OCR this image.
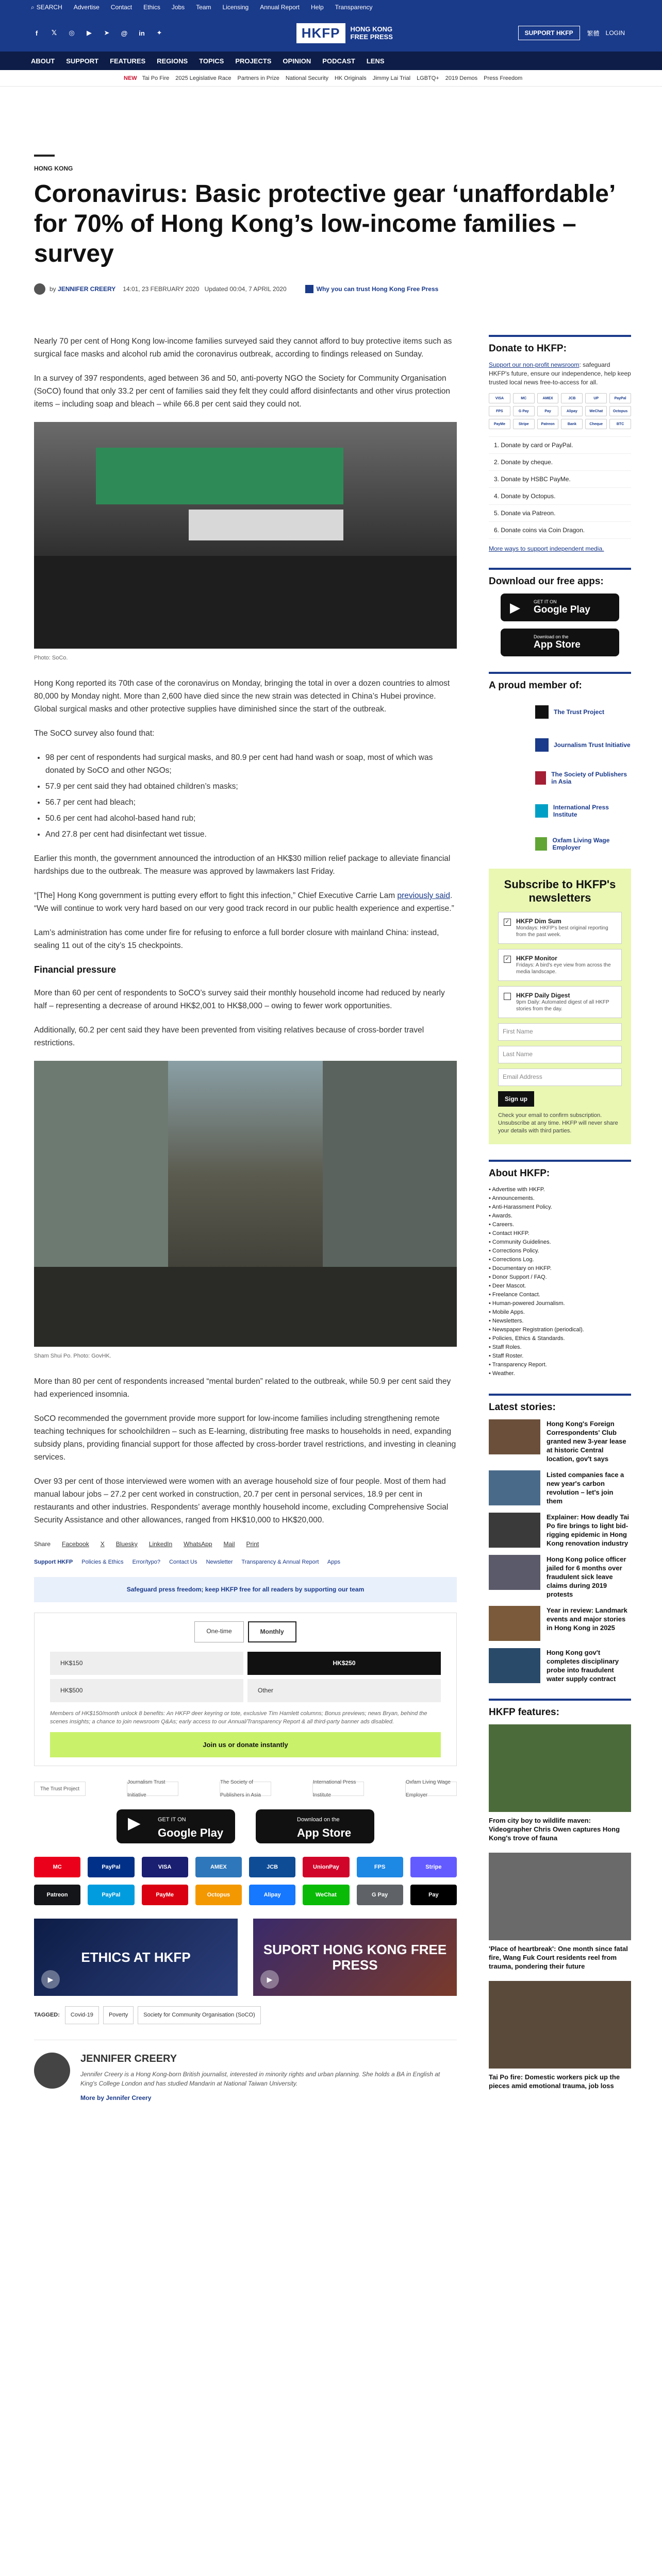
⌕ SEARCH Advertise Contact Ethics Jobs Team Licensing Annual Report Help Transparency
f	𝕏	◎	▶	➤	@	in	✦	HKFP	HONG KONG
FREE PRESS	SUPPORT HKFP	繁體 LOGIN
ABOUT SUPPORT FEATURES REGIONS TOPICS PROJECTS OPINION PODCAST LENS
NEW Tai Po Fire 2025 Legislative Race Partners in Prize National Security HK Originals Jimmy Lai Trial LGBTQ+ 2019 Demos Press Freedom
HONG KONG
Coronavirus: Basic protective gear ‘unaffordable’ for 70% of Hong Kong’s low-income families – survey
by
JENNIFER CREERY 14:01, 23 FEBRUARY 2020 Updated 00:04, 7 APRIL 2020	Why you can trust Hong Kong Free Press

Nearly 70 per cent of Hong Kong low-income families surveyed said they cannot afford to buy protective items such as surgical face masks and alcohol rub amid the coronavirus outbreak, according to findings released on Sunday.

In a survey of 397 respondents, aged between 36 and 50, anti-poverty NGO the Society for Community Organisation (SoCO) found that only 33.2 per cent of families said they felt they could afford disinfectants and other virus protection items – including soap and bleach – while 66.8 per cent said they could not.

Photo: SoCo.

Hong Kong reported its 70th case of the coronavirus on Monday, bringing the total in over a dozen countries to almost 80,000 by Monday night. More than 2,600 have died since the new strain was detected in China’s Hubei province. Global surgical masks and other protective supplies have diminished since the start of the outbreak.

The SoCO survey also found that:

• 98 per cent of respondents had surgical masks, and 80.9 per cent had hand wash or soap, most of which was donated by SoCO and other NGOs;
• 57.9 per cent said they had obtained children’s masks;
• 56.7 per cent had bleach;
• 50.6 per cent had alcohol-based hand rub;
• And 27.8 per cent had disinfectant wet tissue.

Earlier this month, the government announced the introduction of an HK$30 million relief package to alleviate financial hardships due to the outbreak. The measure was approved by lawmakers last Friday.

“[The] Hong Kong government is putting every effort to fight this infection,” Chief Executive Carrie Lam previously said. “We will continue to work very hard based on our very good track record in our public health experience and expertise.”

Lam’s administration has come under fire for refusing to enforce a full border closure with mainland China: instead, sealing 11 out of the city’s 15 checkpoints.

Financial pressure

More than 60 per cent of respondents to SoCO’s survey said their monthly household income had reduced by nearly half – representing a decrease of around HK$2,001 to HK$8,000 – owing to fewer work opportunities.

Additionally, 60.2 per cent said they have been prevented from visiting relatives because of cross-border travel restrictions.

Sham Shui Po. Photo: GovHK.

More than 80 per cent of respondents increased “mental burden” related to the outbreak, while 50.9 per cent said they had experienced insomnia.

SoCO recommended the government provide more support for low-income families including strengthening remote teaching techniques for schoolchildren – such as E-learning, distributing free masks to households in need, expanding subsidy plans, providing financial support for those affected by cross-border travel restrictions, and investing in cleaning services.

Over 93 per cent of those interviewed were women with an average household size of four people. Most of them had manual labour jobs – 27.2 per cent worked in construction, 20.7 per cent in personal services, 18.9 per cent in restaurants and other industries. Respondents’ average monthly household income, excluding Comprehensive Social Security Assistance and other allowances, ranged from HK$10,000 to HK$20,000.

Share Facebook X Bluesky LinkedIn WhatsApp Mail Print
Support HKFP Policies & Ethics Error/typo? Contact Us Newsletter Transparency & Annual Report Apps
Safeguard press freedom; keep HKFP free for all readers by supporting our team
One-time	Monthly
HK$150	HK$250
HK$500	Other
Members of HK$150/month unlock 8 benefits: An HKFP deer keyring or tote, exclusive Tim Hamlett columns; Bonus previews; news Bryan, behind the scenes insights; a chance to join newsroom Q&As; early access to our Annual/Transparency Report & all third-party banner ads disabled.
Join us or donate instantly
The Trust Project
Journalism Trust Initiative
The Society of Publishers in Asia
International Press Institute
Oxfam Living Wage Employer
▶	GET IT ON
Google Play
Download on the
App Store
MC	PayPal	VISA	AMEX	JCB	UnionPay	FPS	Stripe
Patreon	PayPal	PayMe	Octopus	Alipay	WeChat	G Pay	Pay
ETHICS AT HKFP
▶
SUPORT HONG KONG FREE PRESS
▶
TAGGED:	Covid-19	Poverty	Society for Community Organisation (SoCO)
JENNIFER CREERY
Jennifer Creery is a Hong Kong-born British journalist, interested in minority rights and urban planning. She holds a BA in English at King's College London and has studied Mandarin at National Taiwan University.
More by Jennifer Creery
Donate to HKFP:
Support our non-profit newsroom: safeguard HKFP's future, ensure our independence, help keep trusted local news free-to-access for all.
VISA	MC	AMEX	JCB	UP	PayPal
FPS	G Pay	Pay	Alipay	WeChat	Octopus
PayMe	Stripe	Patreon	Bank	Cheque	BTC
1. Donate by card or PayPal.
2. Donate by cheque.
3. Donate by HSBC PayMe.
4. Donate by Octopus.
5. Donate via Patreon.
6. Donate coins via Coin Dragon.
More ways to support independent media.
Download our free apps:
▶	GET IT ON
Google Play
Download on the
App Store
A proud member of:
The Trust Project
Journalism Trust Initiative
The Society of Publishers in Asia
International Press Institute
Oxfam Living Wage Employer
Subscribe to HKFP's newsletters
✓ HKFP Dim Sum
Mondays: HKFP's best original reporting from the past week.
✓ HKFP Monitor
Fridays: A bird's eye view from across the media landscape.
HKFP Daily Digest
9pm Daily: Automated digest of all HKFP stories from the day.
First Name
Last Name
Email Address
Sign up
Check your email to confirm subscription. Unsubscribe at any time. HKFP will never share your details with third parties.
About HKFP:
• Advertise with HKFP.
• Announcements.
• Anti-Harassment Policy.
• Awards.
• Careers.
• Contact HKFP.
• Community Guidelines.
• Corrections Policy.
• Corrections Log.
• Documentary on HKFP.
• Donor Support / FAQ.
• Deer Mascot.
• Freelance Contact.
• Human-powered Journalism.
• Mobile Apps.
• Newsletters.
• Newspaper Registration (periodical).
• Policies, Ethics & Standards.
• Staff Roles.
• Staff Roster.
• Transparency Report.
• Weather.
Latest stories:
Hong Kong's Foreign Correspondents' Club granted new 3-year lease at historic Central location, gov't says
Listed companies face a new year's carbon revolution – let's join them
Explainer: How deadly Tai Po fire brings to light bid-rigging epidemic in Hong Kong renovation industry
Hong Kong police officer jailed for 6 months over fraudulent sick leave claims during 2019 protests
Year in review: Landmark events and major stories in Hong Kong in 2025
Hong Kong gov't completes disciplinary probe into fraudulent water supply contract
HKFP features:
From city boy to wildlife maven: Videographer Chris Owen captures Hong Kong's trove of fauna
'Place of heartbreak': One month since fatal fire, Wang Fuk Court residents reel from trauma, pondering their future
Tai Po fire: Domestic workers pick up the pieces amid emotional trauma, job loss
